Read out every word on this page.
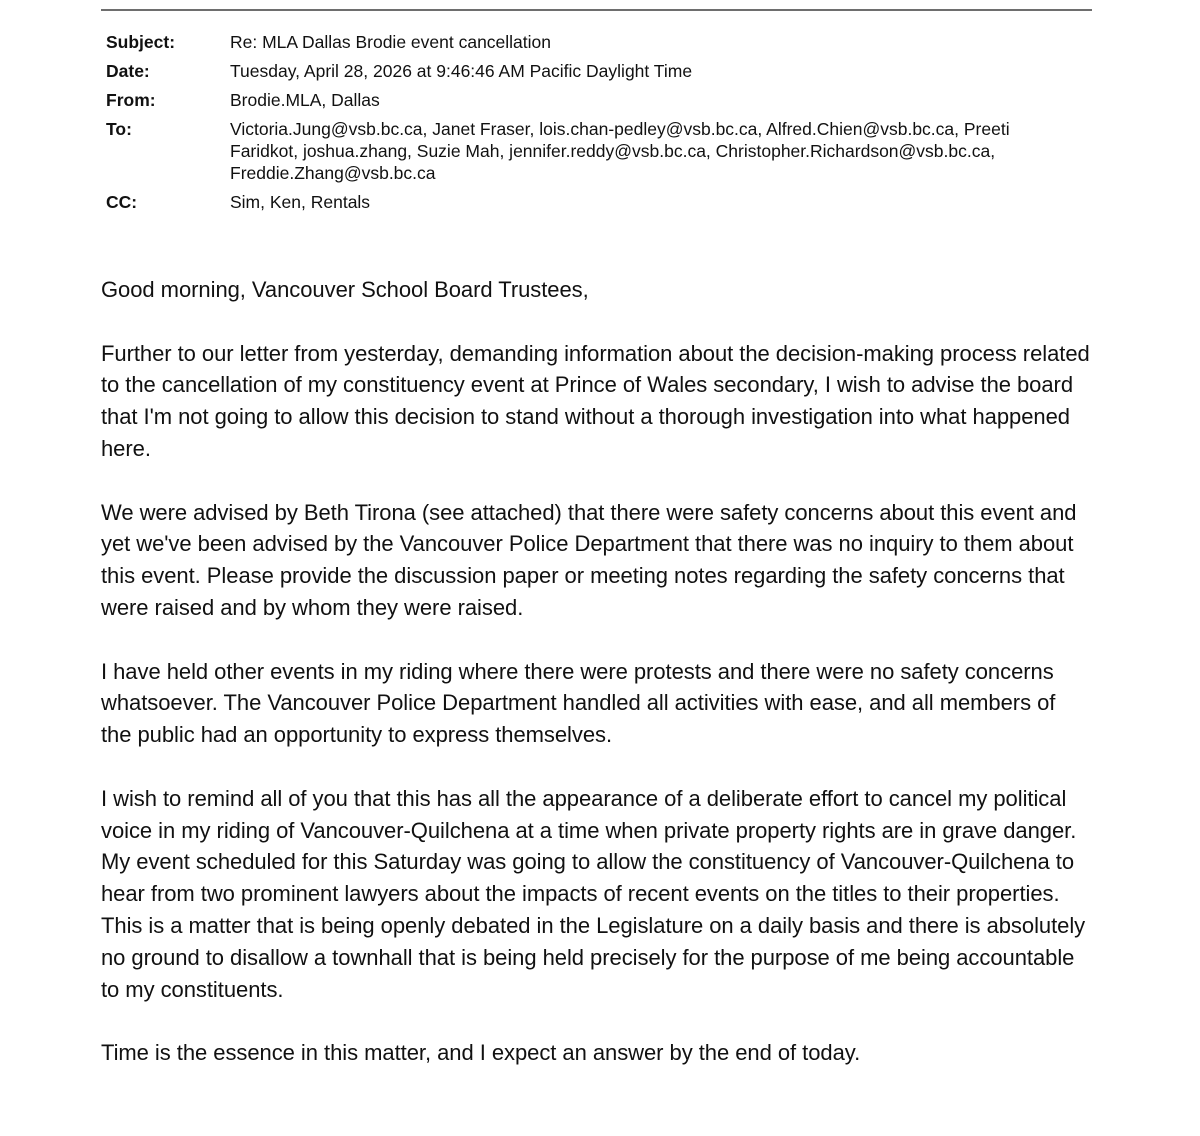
Subject:	Re: MLA Dallas Brodie event cancellation
Date:	Tuesday, April 28, 2026 at 9:46:46 AM Pacific Daylight Time
From:	Brodie.MLA, Dallas
To:	Victoria.Jung@vsb.bc.ca, Janet Fraser, lois.chan-pedley@vsb.bc.ca, Alfred.Chien@vsb.bc.ca, Preeti Faridkot, joshua.zhang, Suzie Mah, jennifer.reddy@vsb.bc.ca, Christopher.Richardson@vsb.bc.ca, Freddie.Zhang@vsb.bc.ca
CC:	Sim, Ken, Rentals

Good morning, Vancouver School Board Trustees,

Further to our letter from yesterday, demanding information about the decision-making process related to the cancellation of my constituency event at Prince of Wales secondary, I wish to advise the board that I'm not going to allow this decision to stand without a thorough investigation into what happened here.

We were advised by Beth Tirona (see attached) that there were safety concerns about this event and yet we've been advised by the Vancouver Police Department that there was no inquiry to them about this event. Please provide the discussion paper or meeting notes regarding the safety concerns that were raised and by whom they were raised.

I have held other events in my riding where there were protests and there were no safety concerns whatsoever. The Vancouver Police Department handled all activities with ease, and all members of the public had an opportunity to express themselves.

I wish to remind all of you that this has all the appearance of a deliberate effort to cancel my political voice in my riding of Vancouver-Quilchena at a time when private property rights are in grave danger. My event scheduled for this Saturday was going to allow the constituency of Vancouver-Quilchena to hear from two prominent lawyers about the impacts of recent events on the titles to their properties. This is a matter that is being openly debated in the Legislature on a daily basis and there is absolutely no ground to disallow a townhall that is being held precisely for the purpose of me being accountable to my constituents.

Time is the essence in this matter, and I expect an answer by the end of today.
